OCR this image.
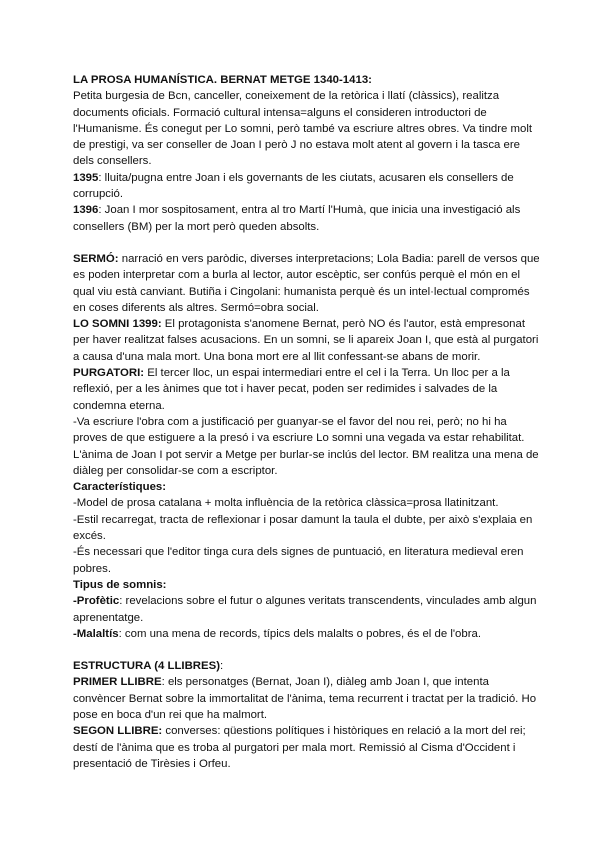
LA PROSA HUMANÍSTICA. BERNAT METGE 1340-1413:

Petita burgesia de Bcn, canceller, coneixement de la retòrica i llatí (clàssics), realitza documents oficials. Formació cultural intensa=alguns el consideren introductori de l'Humanisme. És conegut per Lo somni, però també va escriure altres obres. Va tindre molt de prestigi, va ser conseller de Joan I però J no estava molt atent al govern i la tasca ere dels consellers.

1395: lluita/pugna entre Joan i els governants de les ciutats, acusaren els consellers de corrupció.

1396: Joan I mor sospitosament, entra al tro Martí l'Humà, que inicia una investigació als consellers (BM) per la mort però queden absolts.

SERMÓ: narració en vers paròdic, diverses interpretacions; Lola Badia: parell de versos que es poden interpretar com a burla al lector, autor escèptic, ser confús perquè el món en el qual viu està canviant. Butiña i Cingolani: humanista perquè és un intel·lectual compromés en coses diferents als altres. Sermó=obra social.

LO SOMNI 1399: El protagonista s'anomene Bernat, però NO és l'autor, està empresonat per haver realitzat falses acusacions. En un somni, se li apareix Joan I, que està al purgatori a causa d'una mala mort. Una bona mort ere al llit confessant-se abans de morir.

PURGATORI: El tercer lloc, un espai intermediari entre el cel i la Terra. Un lloc per a la reflexió, per a les ànimes que tot i haver pecat, poden ser redimides i salvades de la condemna eterna.

-Va escriure l'obra com a justificació per guanyar-se el favor del nou rei, però; no hi ha proves de que estiguere a la presó i va escriure Lo somni una vegada va estar rehabilitat. L'ànima de Joan I pot servir a Metge per burlar-se inclús del lector. BM realitza una mena de diàleg per consolidar-se com a escriptor.

Característiques:

-Model de prosa catalana + molta influència de la retòrica clàssica=prosa llatinitzant.

-Estil recarregat, tracta de reflexionar i posar damunt la taula el dubte, per això s'explaia en excés.

-És necessari que l'editor tinga cura dels signes de puntuació, en literatura medieval eren pobres.

Tipus de somnis:

-Profètic: revelacions sobre el futur o algunes veritats transcendents, vinculades amb algun aprenentatge.

-Malaltís: com una mena de records, típics dels malalts o pobres, és el de l'obra.

ESTRUCTURA (4 LLIBRES):

PRIMER LLIBRE: els personatges (Bernat, Joan I), diàleg amb Joan I, que intenta convèncer Bernat sobre la immortalitat de l'ànima, tema recurrent i tractat per la tradició. Ho pose en boca d'un rei que ha malmort.

SEGON LLIBRE: converses: qüestions polítiques i històriques en relació a la mort del rei; destí de l'ànima que es troba al purgatori per mala mort. Remissió al Cisma d'Occident i presentació de Tirèsies i Orfeu.
